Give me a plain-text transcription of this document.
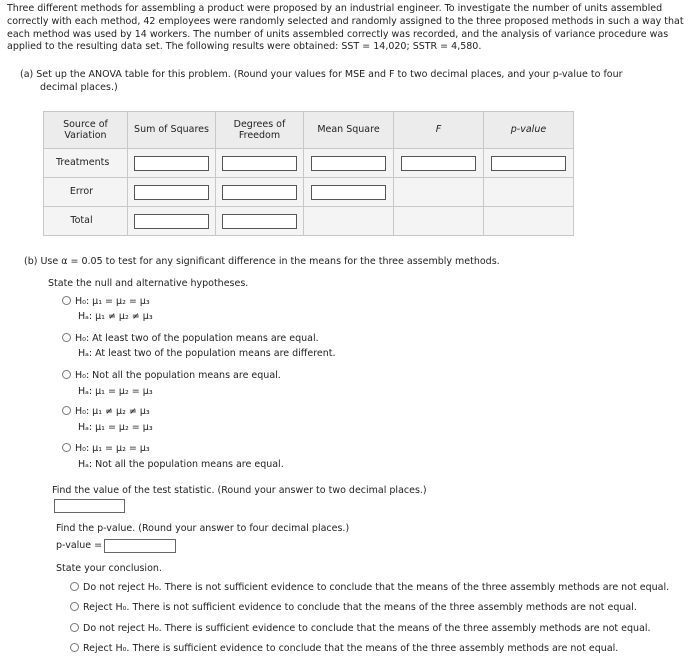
Three different methods for assembling a product were proposed by an industrial engineer. To investigate the number of units assembled correctly with each method, 42 employees were randomly selected and randomly assigned to the three proposed methods in such a way that each method was used by 14 workers. The number of units assembled correctly was recorded, and the analysis of variance procedure was applied to the resulting data set. The following results were obtained: SST = 14,020; SSTR = 4,580.
(a) Set up the ANOVA table for this problem. (Round your values for MSE and F to two decimal places, and your p-value to four decimal places.)
Source of Variation	Sum of Squares	Degrees of Freedom	Mean Square	F	p-value
Treatments	

Error	

Total	

(b) Use α = 0.05 to test for any significant difference in the means for the three assembly methods.
State the null and alternative hypotheses.
H₀: μ₁ = μ₂ = μ₃
Hₐ: μ₁ ≠ μ₂ ≠ μ₃
H₀: At least two of the population means are equal.
Hₐ: At least two of the population means are different.
H₀: Not all the population means are equal.
Hₐ: μ₁ = μ₂ = μ₃
H₀: μ₁ ≠ μ₂ ≠ μ₃
Hₐ: μ₁ = μ₂ = μ₃
H₀: μ₁ = μ₂ = μ₃
Hₐ: Not all the population means are equal.
Find the value of the test statistic. (Round your answer to two decimal places.)
Find the p-value. (Round your answer to four decimal places.)
p-value =
State your conclusion.
Do not reject H₀. There is not sufficient evidence to conclude that the means of the three assembly methods are not equal.
Reject H₀. There is not sufficient evidence to conclude that the means of the three assembly methods are not equal.
Do not reject H₀. There is sufficient evidence to conclude that the means of the three assembly methods are not equal.
Reject H₀. There is sufficient evidence to conclude that the means of the three assembly methods are not equal.
